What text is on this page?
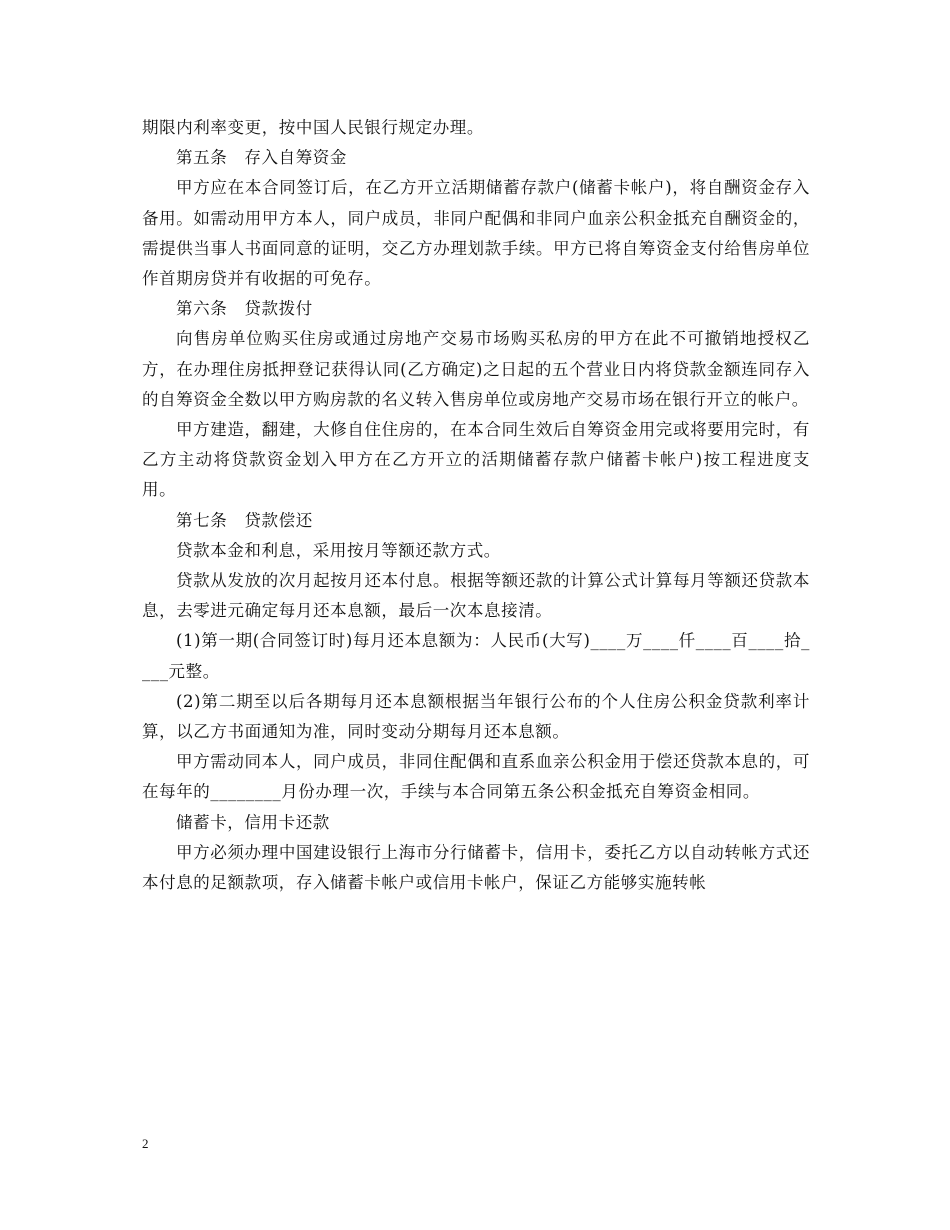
期限内利率变更，按中国人民银行规定办理。

第五条　存入自筹资金

甲方应在本合同签订后，在乙方开立活期储蓄存款户(储蓄卡帐户)，将自酬资金存入备用。如需动用甲方本人，同户成员，非同户配偶和非同户血亲公积金抵充自酬资金的，需提供当事人书面同意的证明，交乙方办理划款手续。甲方已将自筹资金支付给售房单位作首期房贷并有收据的可免存。

第六条　贷款拨付

向售房单位购买住房或通过房地产交易市场购买私房的甲方在此不可撤销地授权乙方，在办理住房抵押登记获得认同(乙方确定)之日起的五个营业日内将贷款金额连同存入的自筹资金全数以甲方购房款的名义转入售房单位或房地产交易市场在银行开立的帐户。

甲方建造，翻建，大修自住住房的，在本合同生效后自筹资金用完或将要用完时，有乙方主动将贷款资金划入甲方在乙方开立的活期储蓄存款户储蓄卡帐户)按工程进度支用。

第七条　贷款偿还

贷款本金和利息，采用按月等额还款方式。

贷款从发放的次月起按月还本付息。根据等额还款的计算公式计算每月等额还贷款本息，去零进元确定每月还本息额，最后一次本息接清。

(1)第一期(合同签订时)每月还本息额为：人民币(大写)____万____仟____百____拾____元整。

(2)第二期至以后各期每月还本息额根据当年银行公布的个人住房公积金贷款利率计算，以乙方书面通知为准，同时变动分期每月还本息额。

甲方需动同本人，同户成员，非同住配偶和直系血亲公积金用于偿还贷款本息的，可在每年的________月份办理一次，手续与本合同第五条公积金抵充自筹资金相同。

储蓄卡，信用卡还款

甲方必须办理中国建设银行上海市分行储蓄卡，信用卡，委托乙方以自动转帐方式还本付息的足额款项，存入储蓄卡帐户或信用卡帐户，保证乙方能够实施转帐

2
